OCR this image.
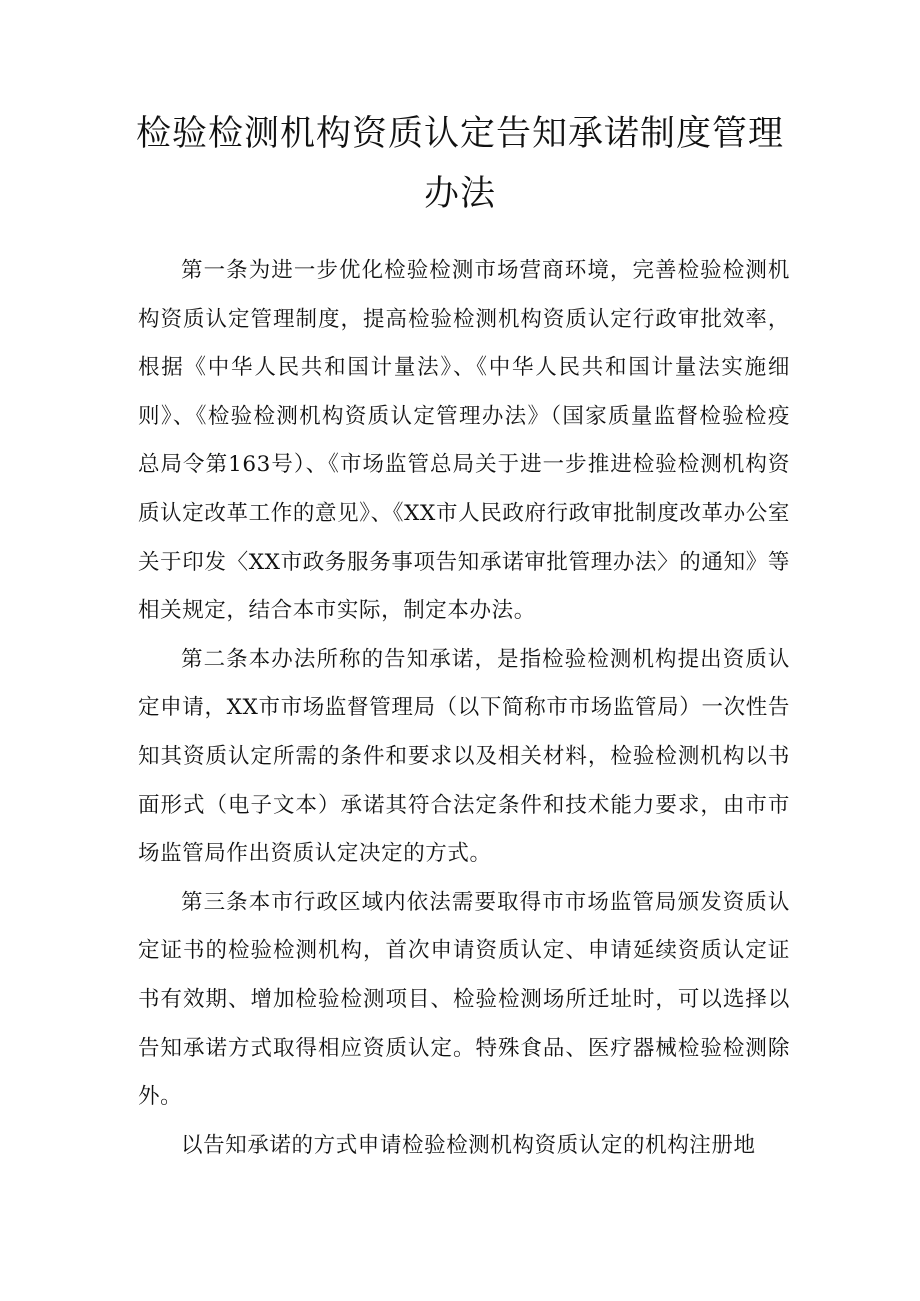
检验检测机构资质认定告知承诺制度管理
办法

第一条为进一步优化检验检测市场营商环境，完善检验检测机构资质认定管理制度，提高检验检测机构资质认定行政审批效率，根据《中华人民共和国计量法》、《中华人民共和国计量法实施细则》、《检验检测机构资质认定管理办法》（国家质量监督检验检疫总局令第163号）、《市场监管总局关于进一步推进检验检测机构资质认定改革工作的意见》、《XX市人民政府行政审批制度改革办公室关于印发〈XX市政务服务事项告知承诺审批管理办法〉的通知》等相关规定，结合本市实际，制定本办法。

第二条本办法所称的告知承诺，是指检验检测机构提出资质认定申请，XX市市场监督管理局（以下简称市市场监管局）一次性告知其资质认定所需的条件和要求以及相关材料，检验检测机构以书面形式（电子文本）承诺其符合法定条件和技术能力要求，由市市场监管局作出资质认定决定的方式。

第三条本市行政区域内依法需要取得市市场监管局颁发资质认定证书的检验检测机构，首次申请资质认定、申请延续资质认定证书有效期、增加检验检测项目、检验检测场所迁址时，可以选择以告知承诺方式取得相应资质认定。特殊食品、医疗器械检验检测除外。

以告知承诺的方式申请检验检测机构资质认定的机构注册地
